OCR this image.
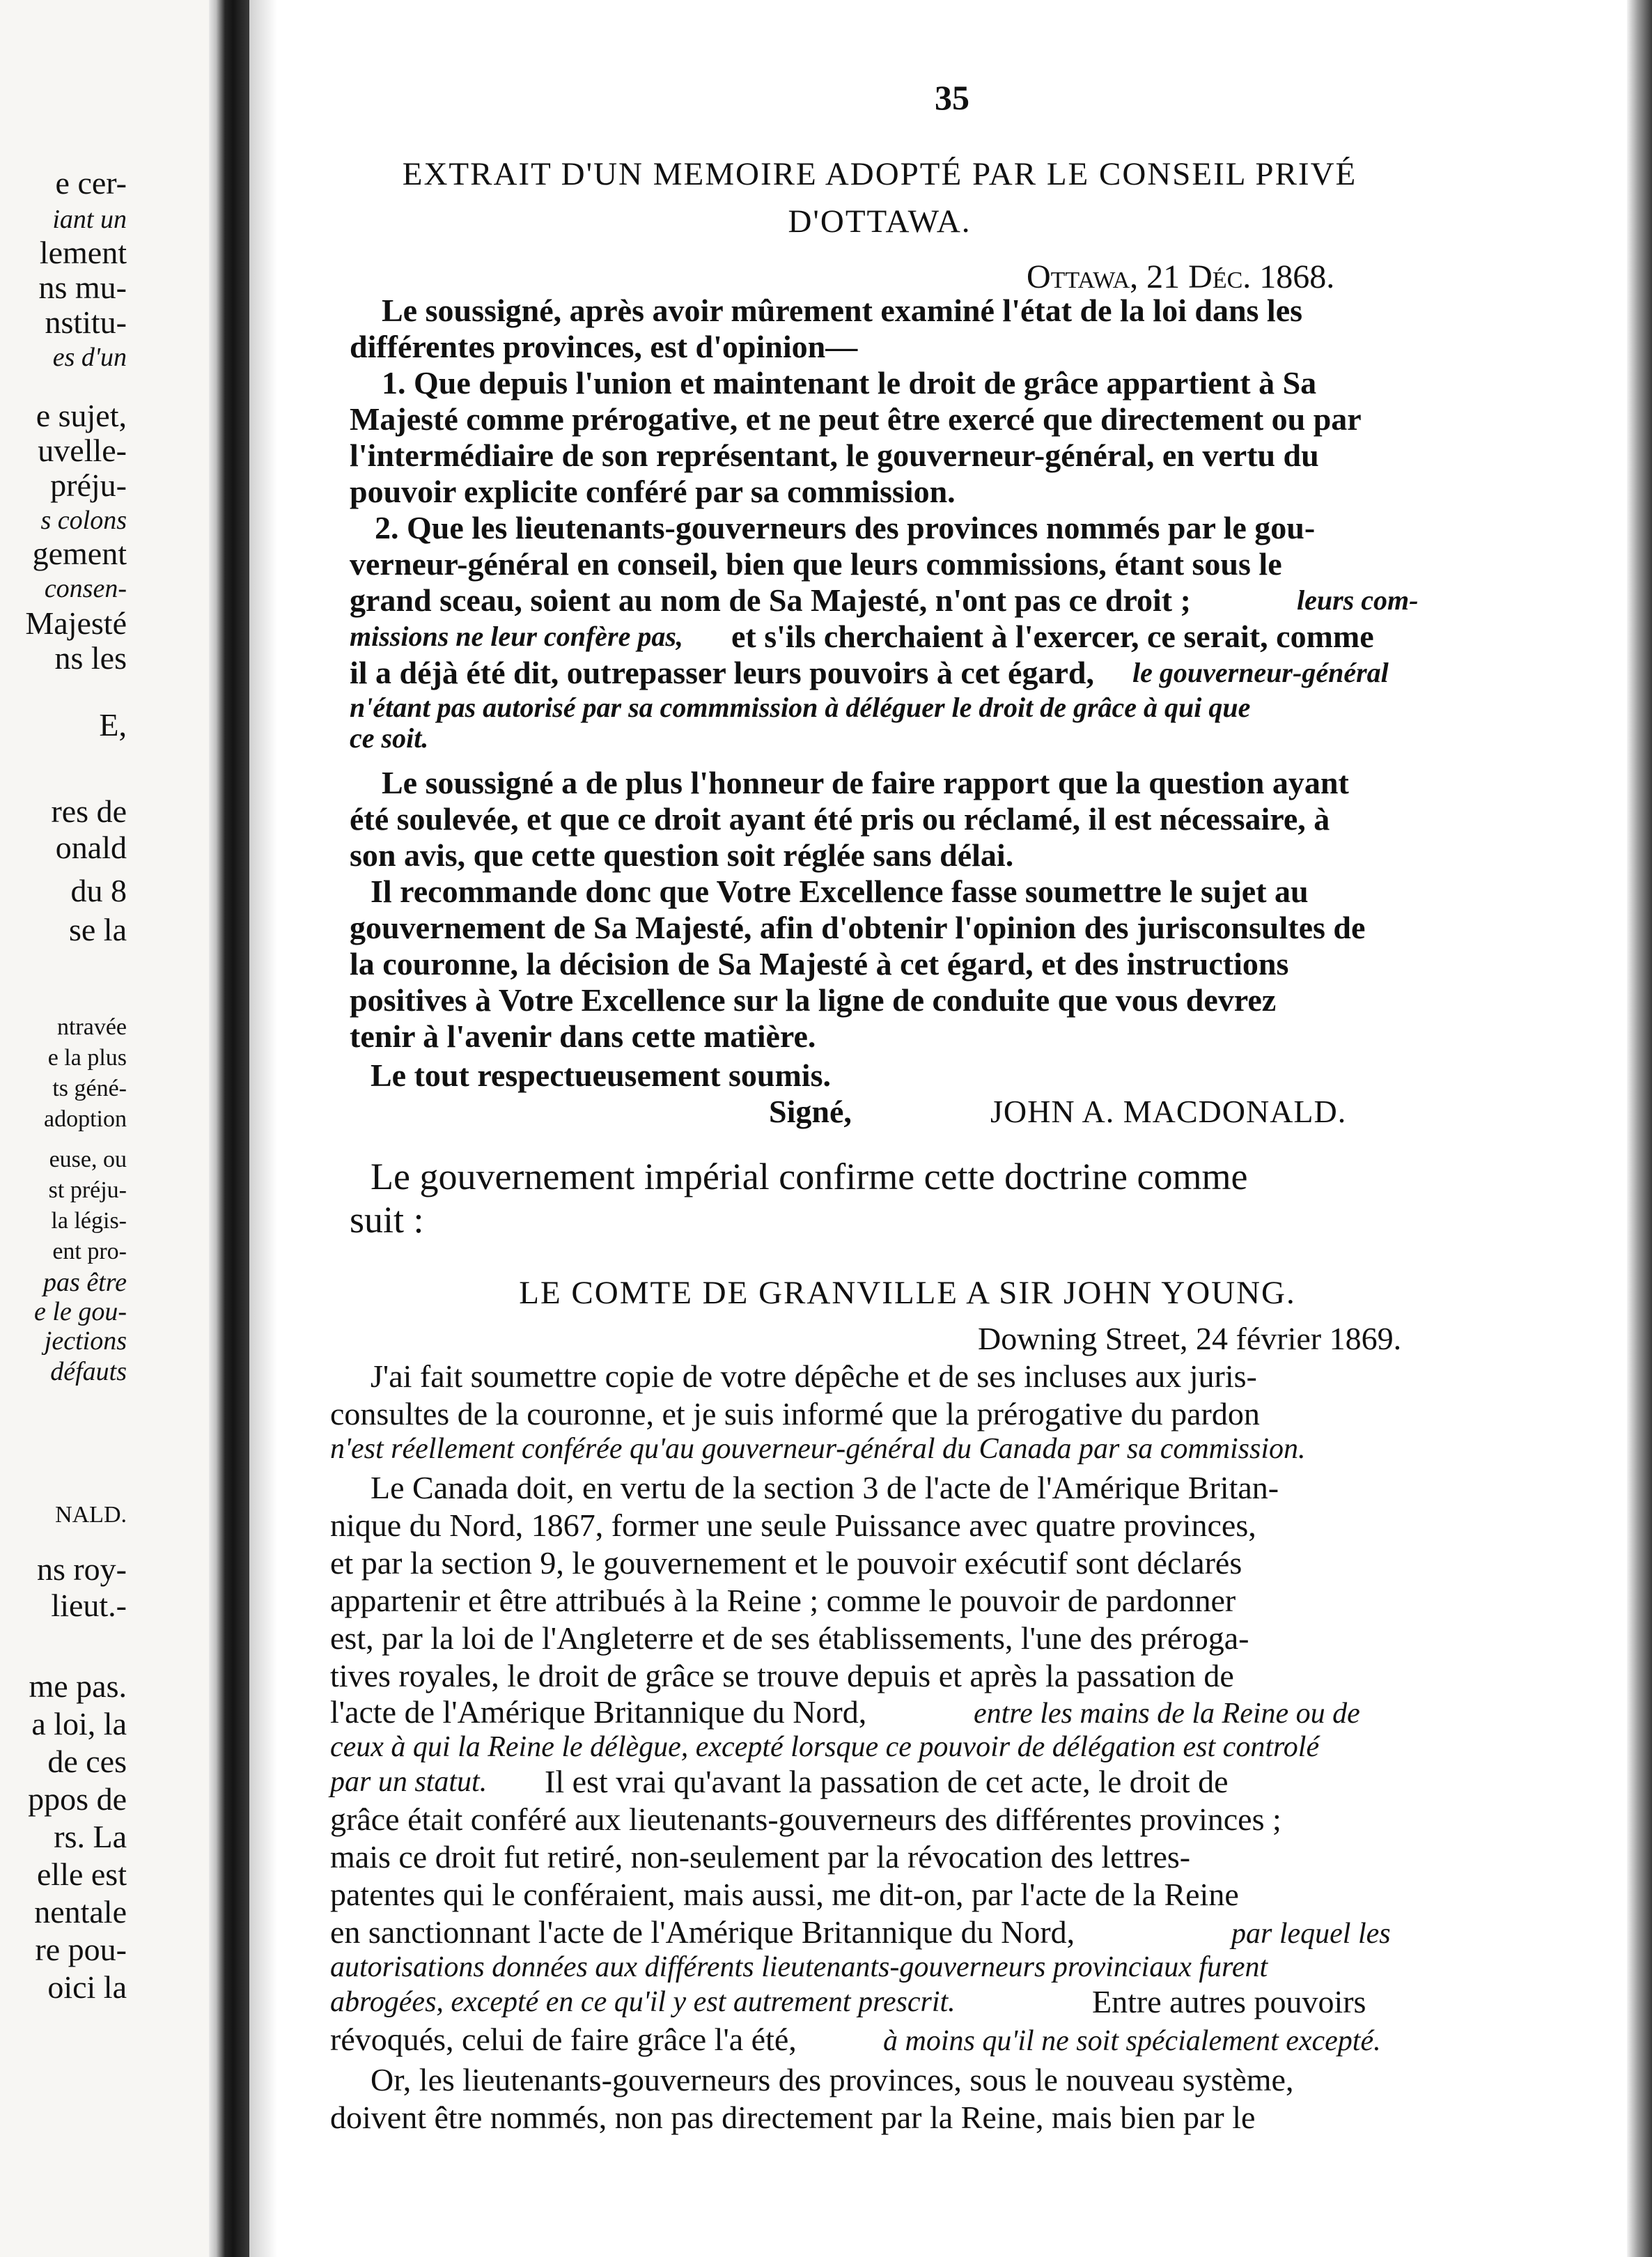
e cer-
iant un
lement
ns mu-
nstitu-
es d'un
e sujet,
uvelle-
préju-
s colons
gement
consen-
Majesté
ns les
E,
res de
onald
du 8
se la
ntravée
e la plus
ts géné-
adoption
euse, ou
st préju-
la légis-
ent pro-
pas être
e le gou-
jections
défauts
NALD.
ns roy-
lieut.-
me pas.
a loi, la
de ces
ppos de
rs. La
elle est
nentale
re pou-
oici la
35
EXTRAIT D'UN MEMOIRE ADOPTÉ PAR LE CONSEIL PRIVÉ
D'OTTAWA.
Ottawa, 21 Déc. 1868.
Le soussigné, après avoir mûrement examiné l'état de la loi dans les
différentes provinces, est d'opinion—
1. Que depuis l'union et maintenant le droit de grâce appartient à Sa
Majesté comme prérogative, et ne peut être exercé que directement ou par
l'intermédiaire de son représentant, le gouverneur-général, en vertu du
pouvoir explicite conféré par sa commission.
2. Que les lieutenants-gouverneurs des provinces nommés par le gou-
verneur-général en conseil, bien que leurs commissions, étant sous le
grand sceau, soient au nom de Sa Majesté, n'ont pas ce droit ;	leurs com-
missions ne leur confère pas, et s'ils cherchaient à l'exercer, ce serait, comme
il a déjà été dit, outrepasser leurs pouvoirs à cet égard, le gouverneur-général
n'étant pas autorisé par sa commmission à déléguer le droit de grâce à qui que
ce soit.
Le soussigné a de plus l'honneur de faire rapport que la question ayant
été soulevée, et que ce droit ayant été pris ou réclamé, il est nécessaire, à
son avis, que cette question soit réglée sans délai.
Il recommande donc que Votre Excellence fasse soumettre le sujet au
gouvernement de Sa Majesté, afin d'obtenir l'opinion des jurisconsultes de
la couronne, la décision de Sa Majesté à cet égard, et des instructions
positives à Votre Excellence sur la ligne de conduite que vous devrez
tenir à l'avenir dans cette matière.
Le tout respectueusement soumis.
Signé,	JOHN A. MACDONALD.
Le gouvernement impérial confirme cette doctrine comme
suit :
LE COMTE DE GRANVILLE A SIR JOHN YOUNG.
Downing Street, 24 février 1869.
J'ai fait soumettre copie de votre dépêche et de ses incluses aux juris-
consultes de la couronne, et je suis informé que la prérogative du pardon
n'est réellement conférée qu'au gouverneur-général du Canada par sa commission.
Le Canada doit, en vertu de la section 3 de l'acte de l'Amérique Britan-
nique du Nord, 1867, former une seule Puissance avec quatre provinces,
et par la section 9, le gouvernement et le pouvoir exécutif sont déclarés
appartenir et être attribués à la Reine ; comme le pouvoir de pardonner
est, par la loi de l'Angleterre et de ses établissements, l'une des préroga-
tives royales, le droit de grâce se trouve depuis et après la passation de
l'acte de l'Amérique Britannique du Nord,	entre les mains de la Reine ou de
ceux à qui la Reine le délègue, excepté lorsque ce pouvoir de délégation est controlé
par un statut. Il est vrai qu'avant la passation de cet acte, le droit de
grâce était conféré aux lieutenants-gouverneurs des différentes provinces ;
mais ce droit fut retiré, non-seulement par la révocation des lettres-
patentes qui le conféraient, mais aussi, me dit-on, par l'acte de la Reine
en sanctionnant l'acte de l'Amérique Britannique du Nord,	par lequel les
autorisations données aux différents lieutenants-gouverneurs provinciaux furent
abrogées, excepté en ce qu'il y est autrement prescrit.	Entre autres pouvoirs
révoqués, celui de faire grâce l'a été,	à moins qu'il ne soit spécialement excepté.
Or, les lieutenants-gouverneurs des provinces, sous le nouveau système,
doivent être nommés, non pas directement par la Reine, mais bien par le
